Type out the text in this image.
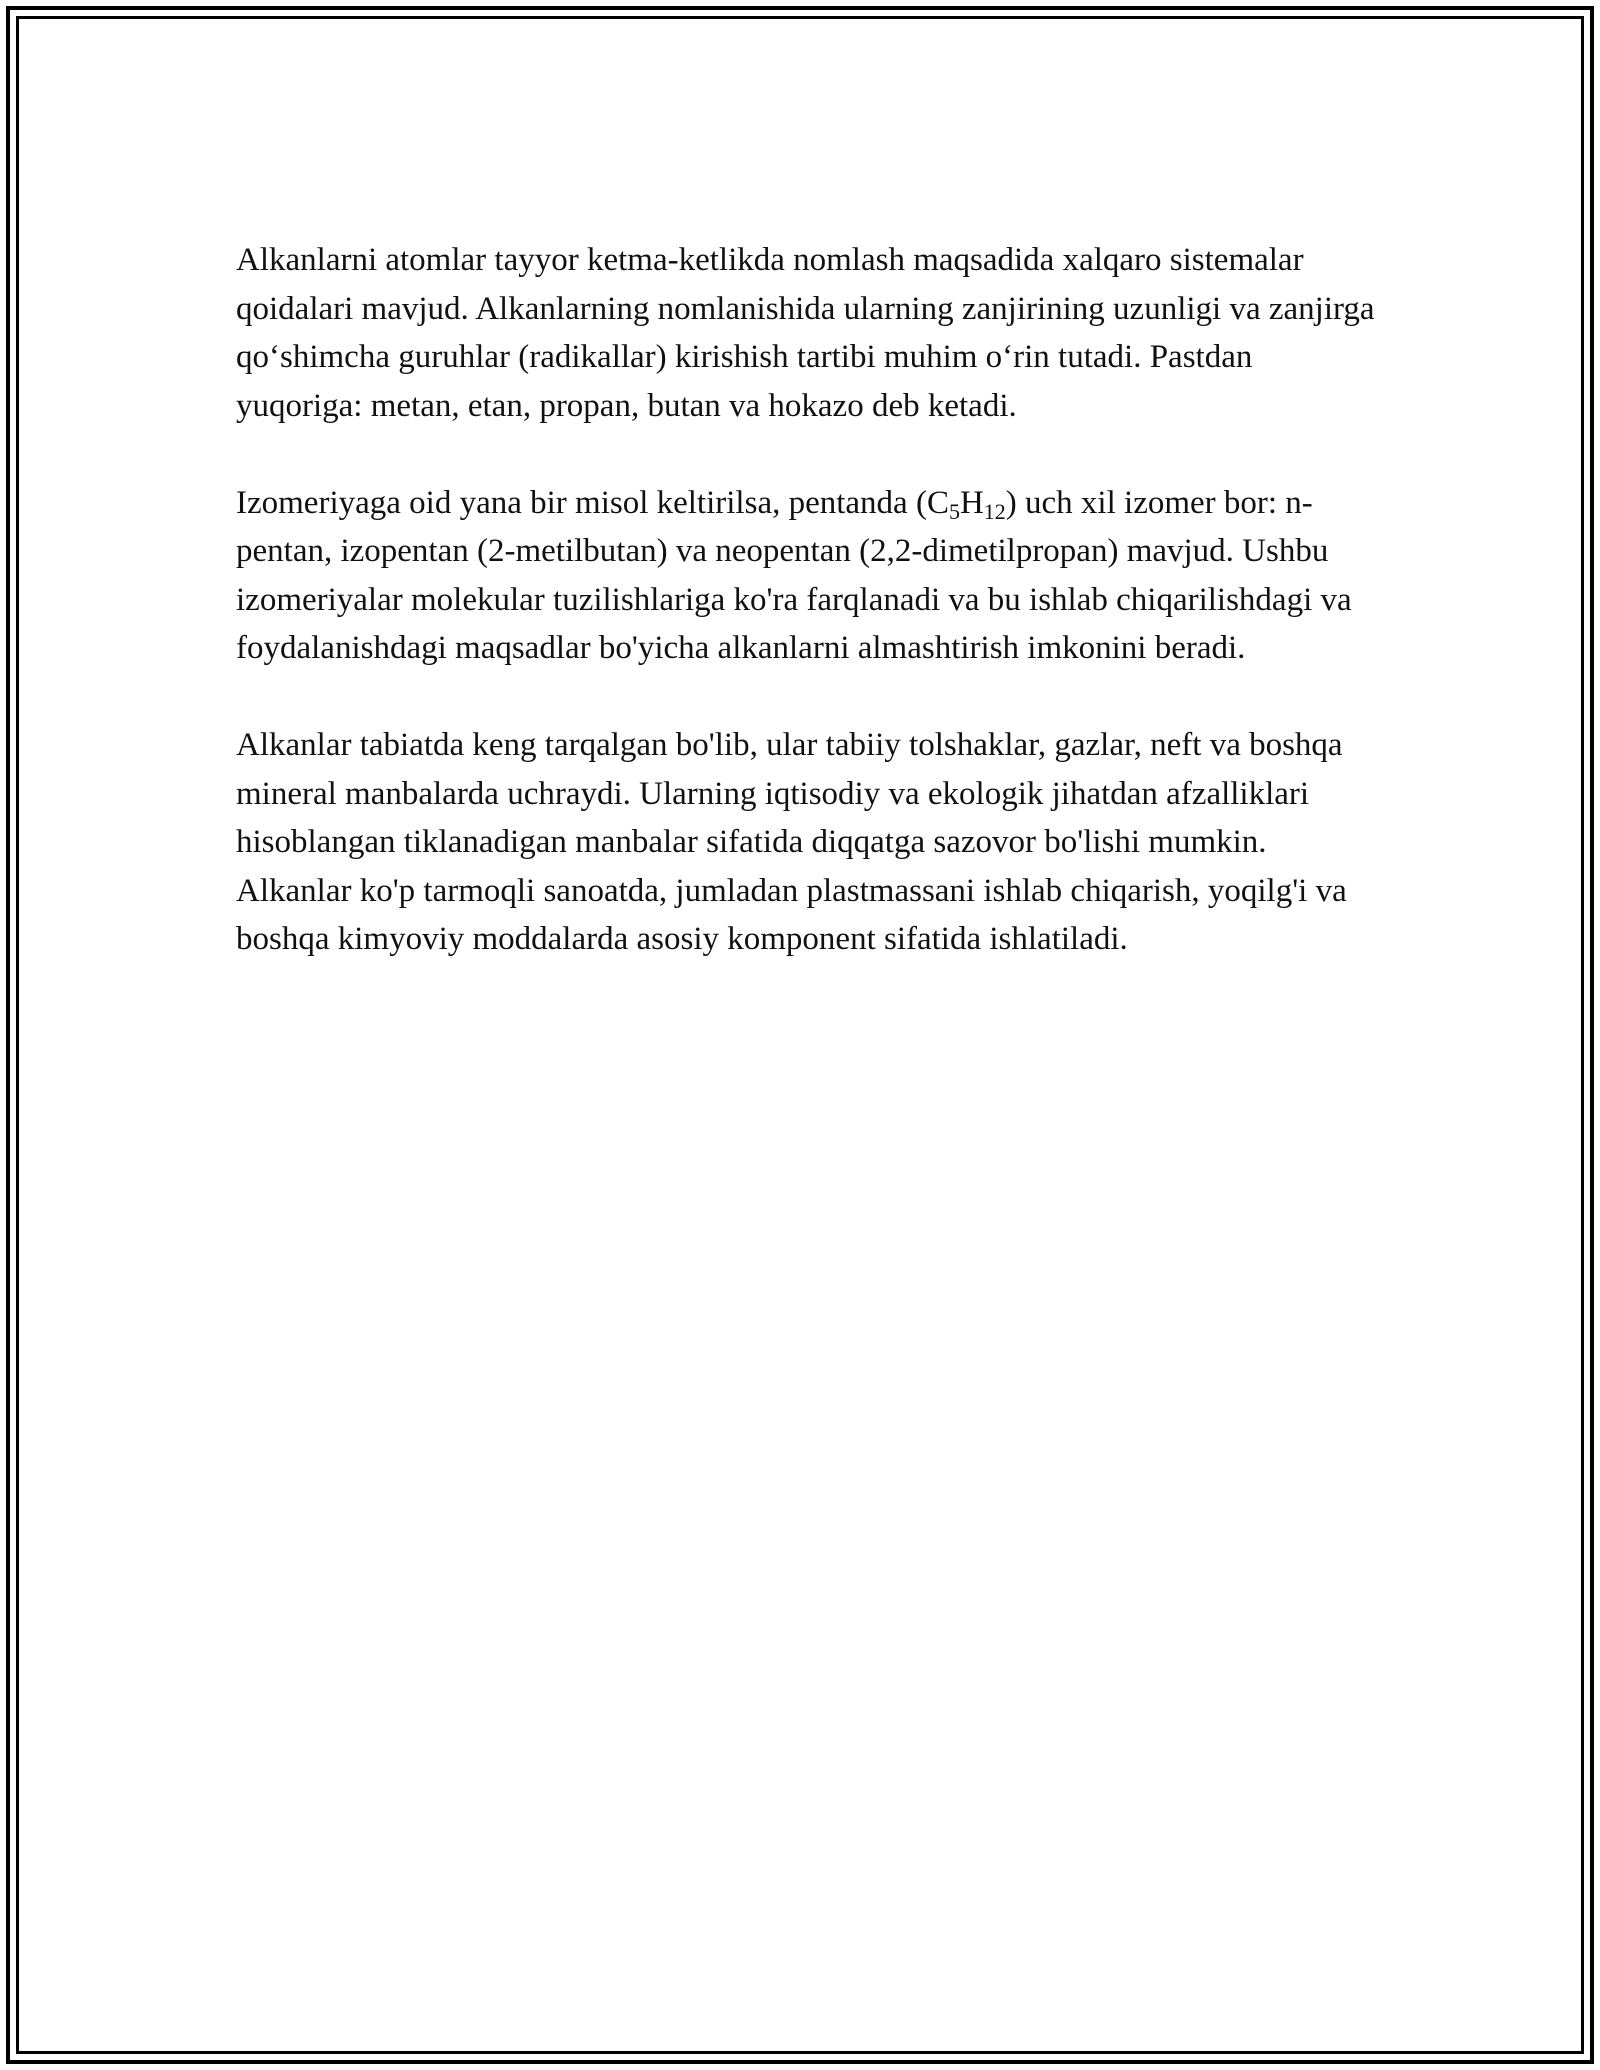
Alkanlarni atomlar tayyor ketma-ketlikda nomlash maqsadida xalqaro sistemalar qoidalari mavjud. Alkanlarning nomlanishida ularning zanjirining uzunligi va zanjirga qo‘shimcha guruhlar (radikallar) kirishish tartibi muhim o‘rin tutadi. Pastdan yuqoriga: metan, etan, propan, butan va hokazo deb ketadi.

Izomeriyaga oid yana bir misol keltirilsa, pentanda $(C_5H_{12})$ uch xil izomer bor: n-pentan, izopentan (2-metilbutan) va neopentan (2,2-dimetilpropan) mavjud. Ushbu izomeriyalar molekular tuzilishlariga ko'ra farqlanadi va bu ishlab chiqarilishdagi va foydalanishdagi maqsadlar bo'yicha alkanlarni almashtirish imkonini beradi.

Alkanlar tabiatda keng tarqalgan bo'lib, ular tabiiy tolshaklar, gazlar, neft va boshqa mineral manbalarda uchraydi. Ularning iqtisodiy va ekologik jihatdan afzalliklari hisoblangan tiklanadigan manbalar sifatida diqqatga sazovor bo'lishi mumkin. Alkanlar ko'p tarmoqli sanoatda, jumladan plastmassani ishlab chiqarish, yoqilg'i va boshqa kimyoviy moddalarda asosiy komponent sifatida ishlatiladi.
